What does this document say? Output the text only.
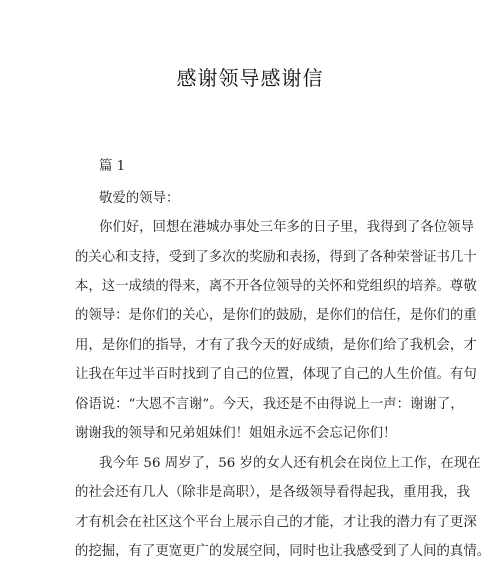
感谢领导感谢信
篇 1
敬爱的领导：
你们好，回想在港城办事处三年多的日子里，我得到了各位领导
的关心和支持，受到了多次的奖励和表扬，得到了各种荣誉证书几十
本，这一成绩的得来，离不开各位领导的关怀和党组织的培养。尊敬
的领导：是你们的关心，是你们的鼓励，是你们的信任，是你们的重
用，是你们的指导，才有了我今天的好成绩，是你们给了我机会，才
让我在年过半百时找到了自己的位置，体现了自己的人生价值。有句
俗语说：“大恩不言谢”。今天，我还是不由得说上一声：谢谢了，
谢谢我的领导和兄弟姐妹们！姐姐永远不会忘记你们！
我今年 56 周岁了，56 岁的女人还有机会在岗位上工作，在现在
的社会还有几人（除非是高职），是各级领导看得起我，重用我，我
才有机会在社区这个平台上展示自己的才能，才让我的潜力有了更深
的挖掘，有了更宽更广的发展空间，同时也让我感受到了人间的真情。
